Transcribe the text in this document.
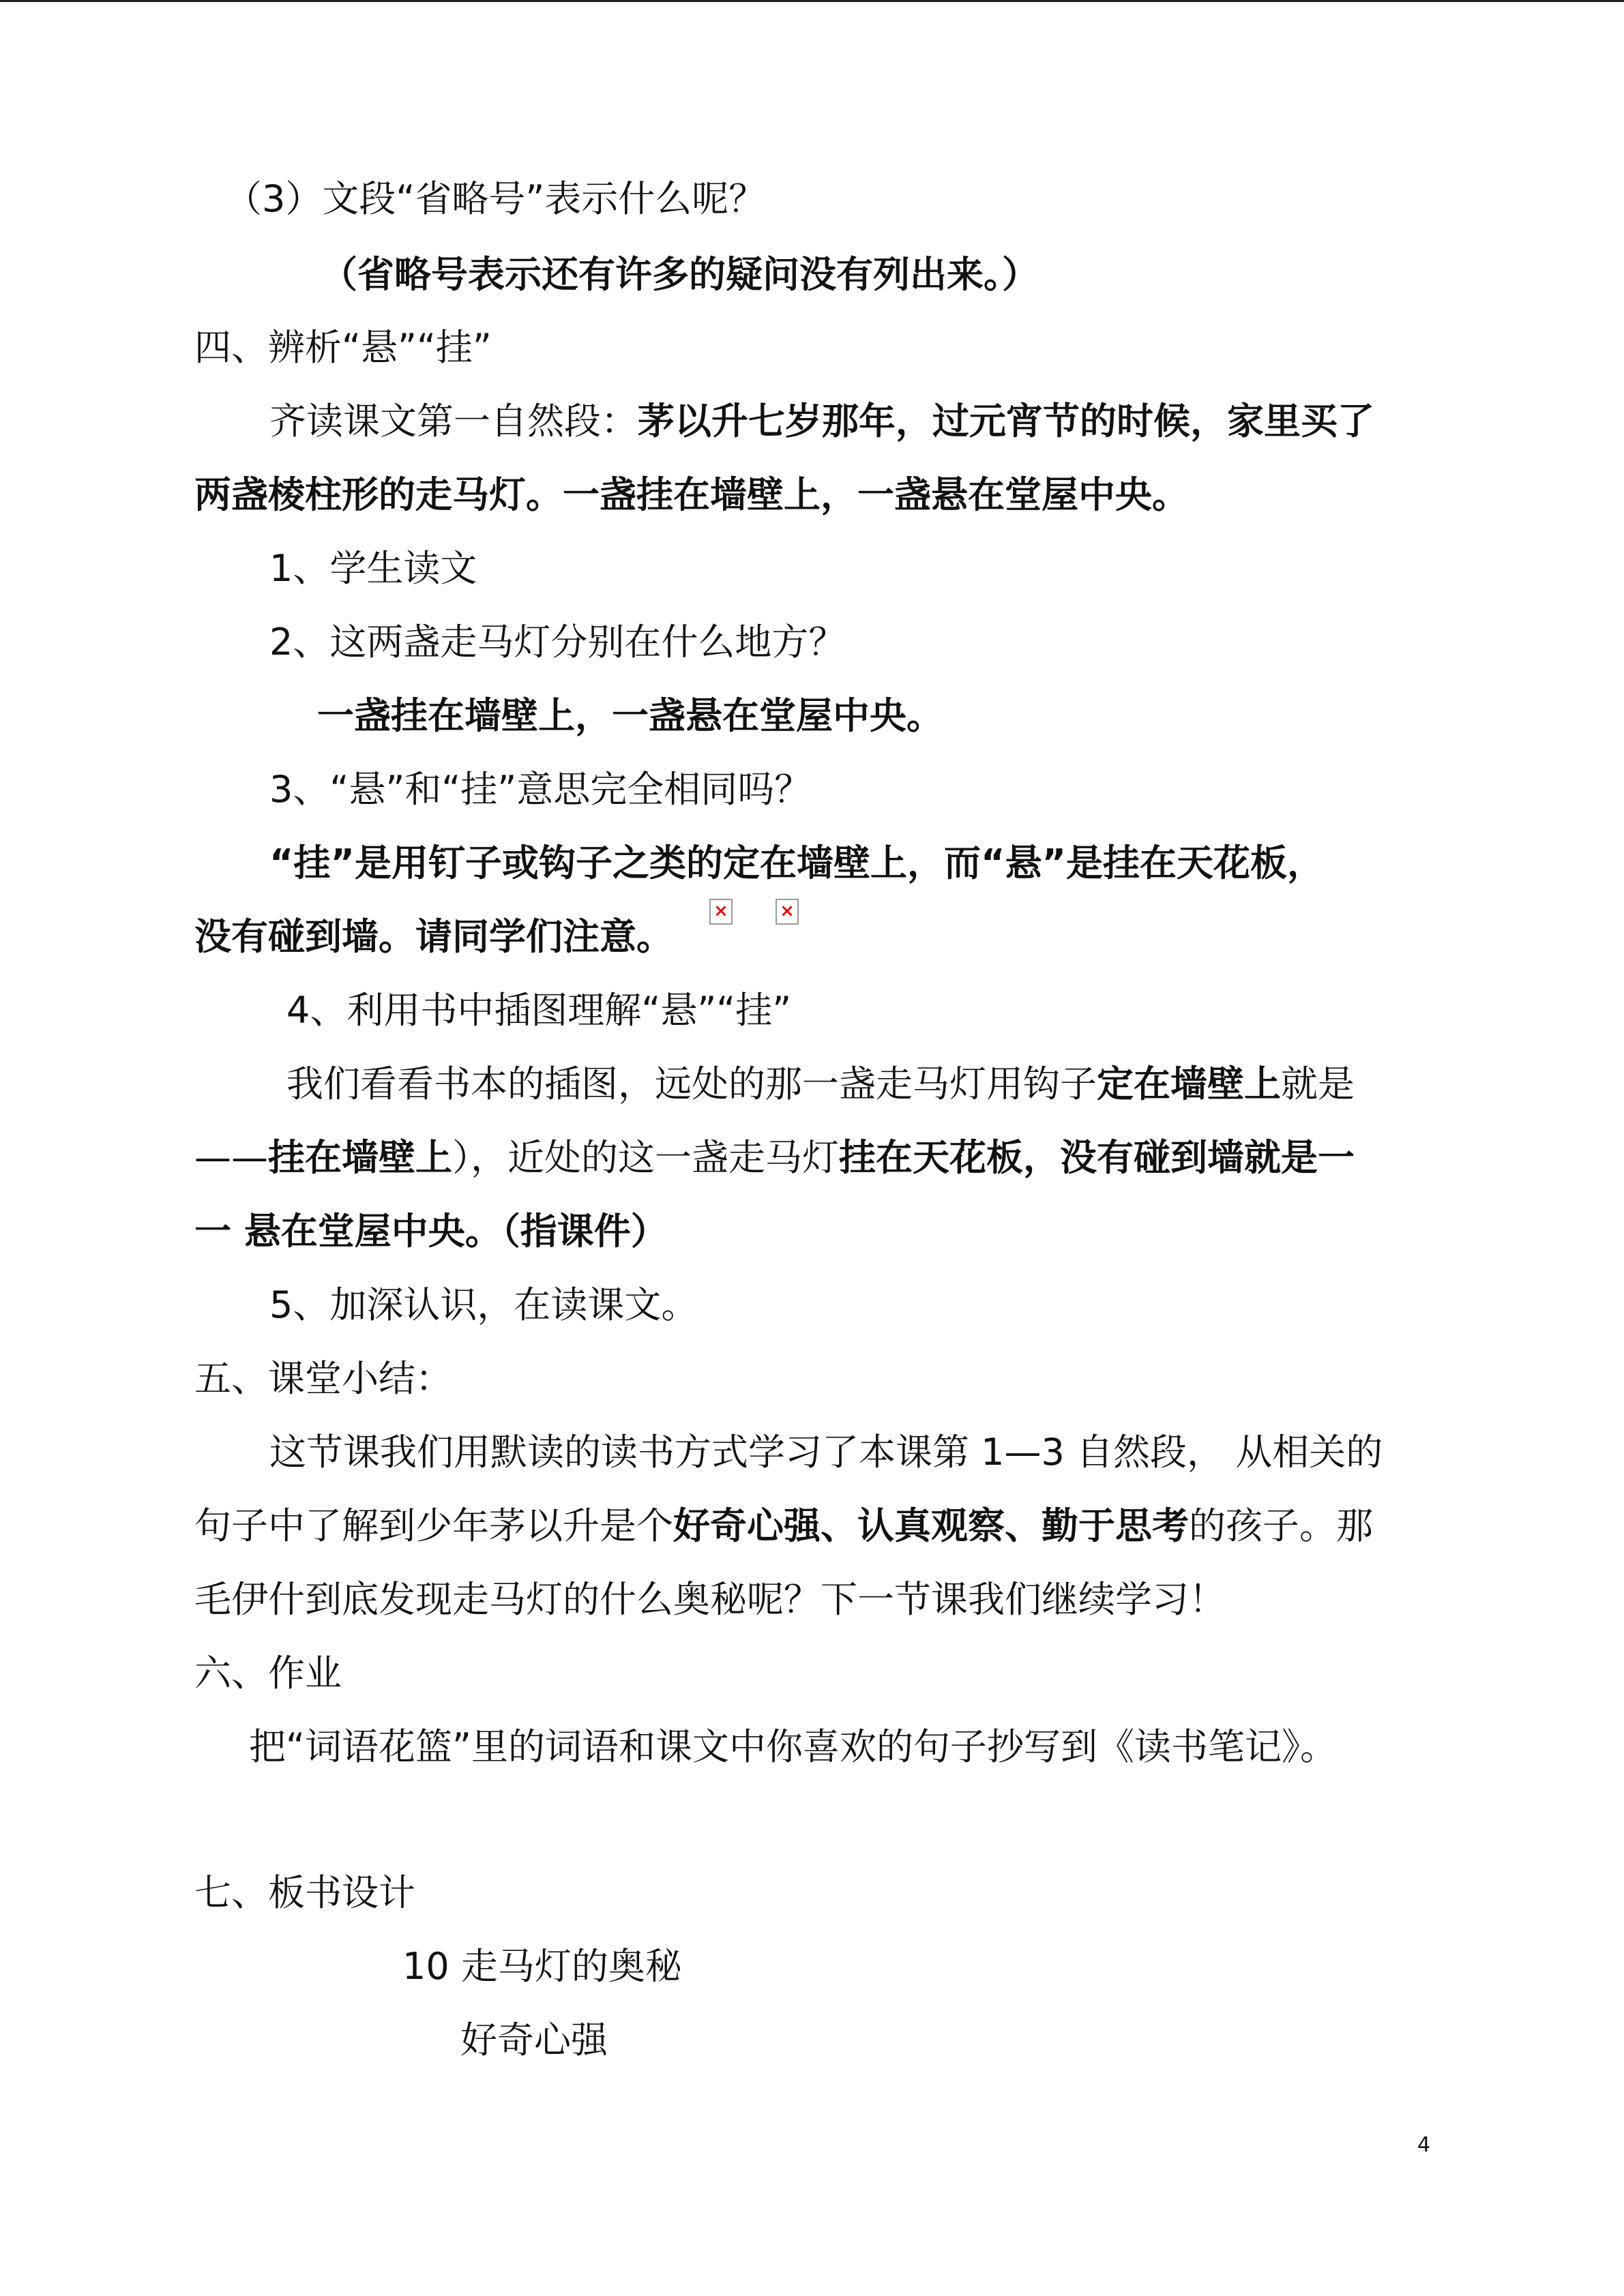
（3）文段“省略号”表示什么呢？

（省略号表示还有许多的疑问没有列出来。）

四、辨析“悬”“挂”

齐读课文第一自然段：茅以升七岁那年，过元宵节的时候，家里买了

两盏棱柱形的走马灯。一盏挂在墙壁上，一盏悬在堂屋中央。

1、学生读文

2、这两盏走马灯分别在什么地方？

一盏挂在墙壁上，一盏悬在堂屋中央。

3、“悬”和“挂”意思完全相同吗？

“挂”是用钉子或钩子之类的定在墙壁上，而“悬”是挂在天花板，

没有碰到墙。请同学们注意。

×	×

4、利用书中插图理解“悬”“挂”

我们看看书本的插图，远处的那一盏走马灯用钩子定在墙壁上就是

——挂在墙壁上），近处的这一盏走马灯挂在天花板，没有碰到墙就是一

一 悬在堂屋中央。（指课件）

5、加深认识，在读课文。

五、课堂小结：

这节课我们用默读的读书方式学习了本课第 1—3 自然段， 从相关的

句子中了解到少年茅以升是个好奇心强、认真观察、勤于思考的孩子。那

毛伊什到底发现走马灯的什么奥秘呢？下一节课我们继续学习！

六、作业

把“词语花篮”里的词语和课文中你喜欢的句子抄写到《读书笔记》。

七、板书设计

10 走马灯的奥秘

好奇心强

4
